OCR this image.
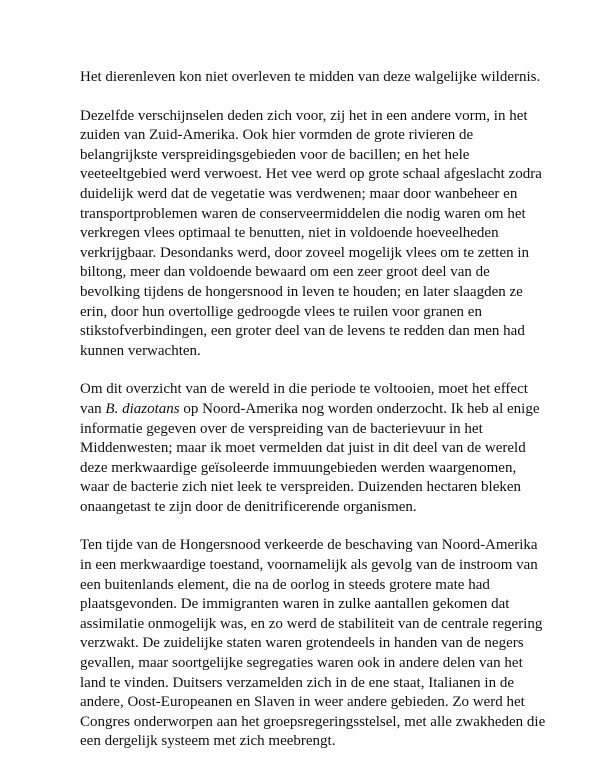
Het dierenleven kon niet overleven te midden van deze walgelijke wildernis.

Dezelfde verschijnselen deden zich voor, zij het in een andere vorm, in het zuiden van Zuid-Amerika. Ook hier vormden de grote rivieren de belangrijkste verspreidingsgebieden voor de bacillen; en het hele veeteeltgebied werd verwoest. Het vee werd op grote schaal afgeslacht zodra duidelijk werd dat de vegetatie was verdwenen; maar door wanbeheer en transportproblemen waren de conserveermiddelen die nodig waren om het verkregen vlees optimaal te benutten, niet in voldoende hoeveelheden verkrijgbaar. Desondanks werd, door zoveel mogelijk vlees om te zetten in biltong, meer dan voldoende bewaard om een zeer groot deel van de bevolking tijdens de hongersnood in leven te houden; en later slaagden ze erin, door hun overtollige gedroogde vlees te ruilen voor granen en stikstofverbindingen, een groter deel van de levens te redden dan men had kunnen verwachten.

Om dit overzicht van de wereld in die periode te voltooien, moet het effect van B. diazotans op Noord-Amerika nog worden onderzocht. Ik heb al enige informatie gegeven over de verspreiding van de bacterievuur in het Middenwesten; maar ik moet vermelden dat juist in dit deel van de wereld deze merkwaardige geïsoleerde immuungebieden werden waargenomen, waar de bacterie zich niet leek te verspreiden. Duizenden hectaren bleken onaangetast te zijn door de denitrificerende organismen.

Ten tijde van de Hongersnood verkeerde de beschaving van Noord-Amerika in een merkwaardige toestand, voornamelijk als gevolg van de instroom van een buitenlands element, die na de oorlog in steeds grotere mate had plaatsgevonden. De immigranten waren in zulke aantallen gekomen dat assimilatie onmogelijk was, en zo werd de stabiliteit van de centrale regering verzwakt. De zuidelijke staten waren grotendeels in handen van de negers gevallen, maar soortgelijke segregaties waren ook in andere delen van het land te vinden. Duitsers verzamelden zich in de ene staat, Italianen in de andere, Oost-Europeanen en Slaven in weer andere gebieden. Zo werd het Congres onderworpen aan het groepsregeringsstelsel, met alle zwakheden die een dergelijk systeem met zich meebrengt.
